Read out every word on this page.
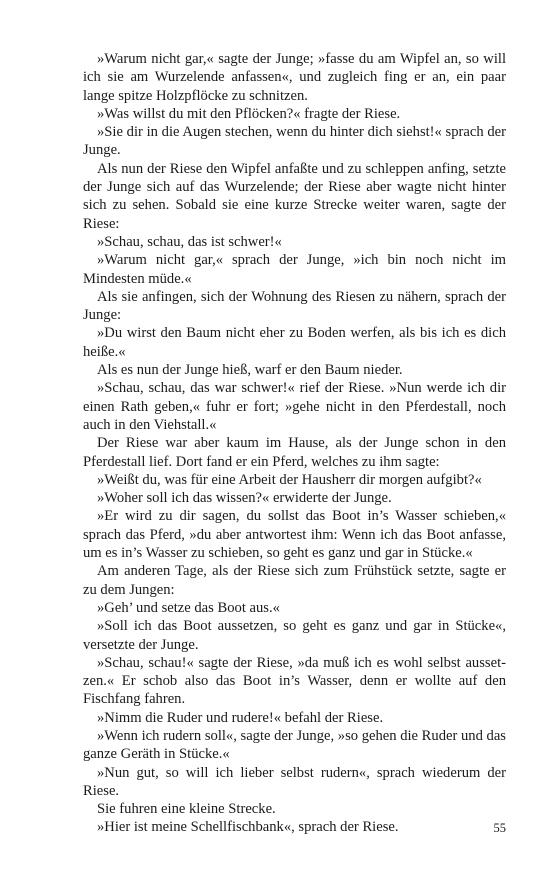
»Warum nicht gar,« sagte der Junge; »fasse du am Wipfel an, so will ich sie am Wurzelende anfassen«, und zugleich fing er an, ein paar lange spitze Holzpflöcke zu schnitzen.

»Was willst du mit den Pflöcken?« fragte der Riese.

»Sie dir in die Augen stechen, wenn du hinter dich siehst!« sprach der Junge.

Als nun der Riese den Wipfel anfaßte und zu schleppen anfing, setzte der Junge sich auf das Wurzelende; der Riese aber wagte nicht hinter sich zu sehen. Sobald sie eine kurze Strecke weiter waren, sagte der Riese:

»Schau, schau, das ist schwer!«

»Warum nicht gar,« sprach der Junge, »ich bin noch nicht im Mindesten müde.«

Als sie anfingen, sich der Wohnung des Riesen zu nähern, sprach der Junge:

»Du wirst den Baum nicht eher zu Boden werfen, als bis ich es dich heiße.«

Als es nun der Junge hieß, warf er den Baum nieder.

»Schau, schau, das war schwer!« rief der Riese. »Nun werde ich dir einen Rath geben,« fuhr er fort; »gehe nicht in den Pferdestall, noch auch in den Viehstall.«

Der Riese war aber kaum im Hause, als der Junge schon in den Pferdestall lief. Dort fand er ein Pferd, welches zu ihm sagte:

»Weißt du, was für eine Arbeit der Hausherr dir morgen aufgibt?«

»Woher soll ich das wissen?« erwiderte der Junge.

»Er wird zu dir sagen, du sollst das Boot in’s Wasser schieben,« sprach das Pferd, »du aber antwortest ihm: Wenn ich das Boot anfasse, um es in’s Wasser zu schieben, so geht es ganz und gar in Stücke.«

Am anderen Tage, als der Riese sich zum Frühstück setzte, sagte er zu dem Jungen:

»Geh’ und setze das Boot aus.«

»Soll ich das Boot aussetzen, so geht es ganz und gar in Stücke«, versetzte der Junge.

»Schau, schau!« sagte der Riese, »da muß ich es wohl selbst aussetzen.« Er schob also das Boot in’s Wasser, denn er wollte auf den Fischfang fahren.

»Nimm die Ruder und rudere!« befahl der Riese.

»Wenn ich rudern soll«, sagte der Junge, »so gehen die Ruder und das ganze Geräth in Stücke.«

»Nun gut, so will ich lieber selbst rudern«, sprach wiederum der Riese.

Sie fuhren eine kleine Strecke.

»Hier ist meine Schellfischbank«, sprach der Riese.	55
